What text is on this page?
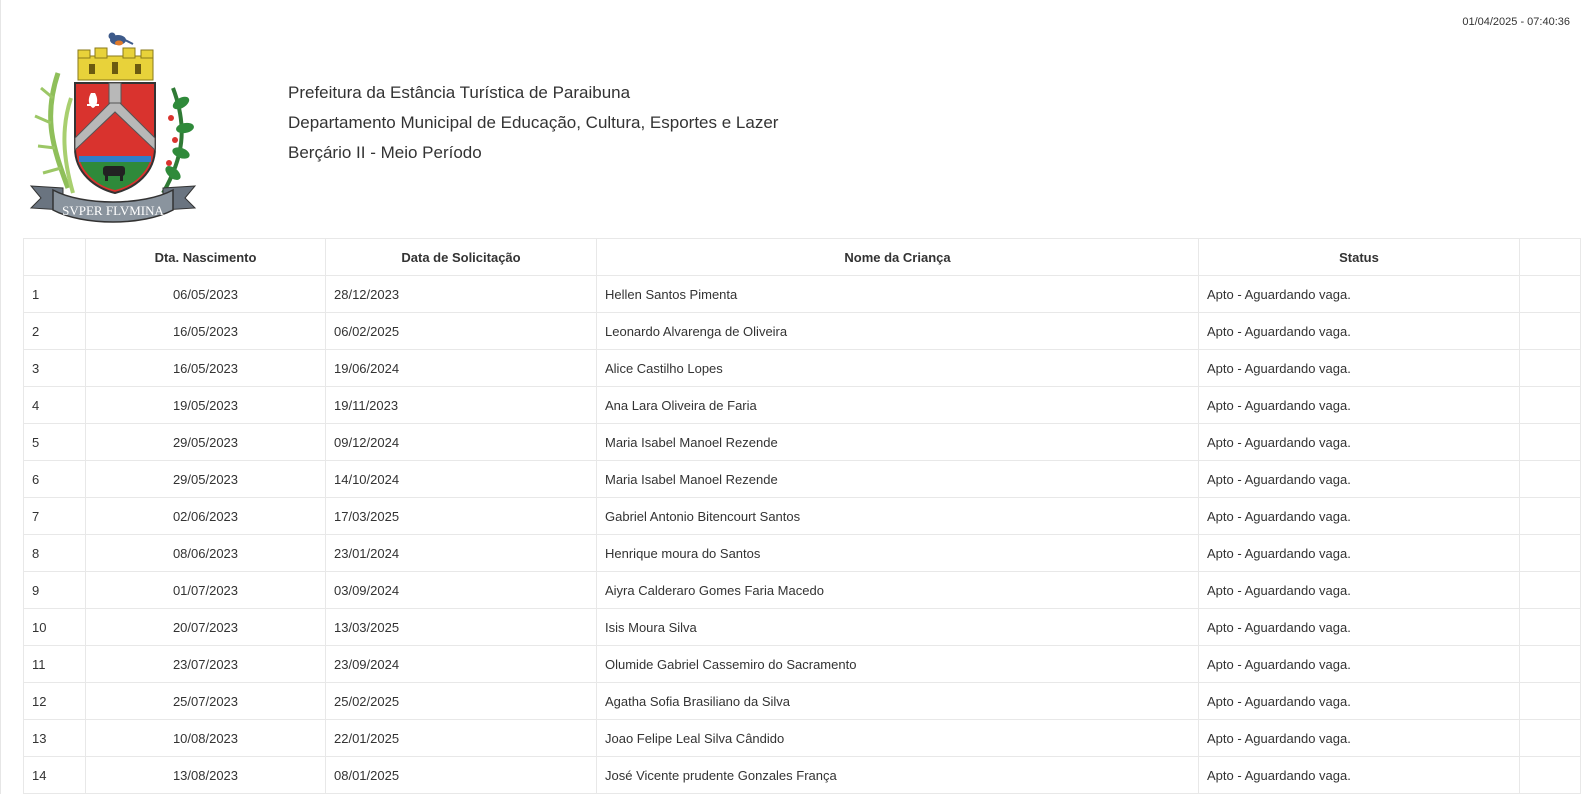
01/04/2025 - 07:40:36
SVPER FLVMINA
Prefeitura da Estância Turística de Paraibuna
Departamento Municipal de Educação, Cultura, Esportes e Lazer
Berçário II - Meio Período
	Dta. Nascimento	Data de Solicitação	Nome da Criança	Status	
1	06/05/2023	28/12/2023	Hellen Santos Pimenta	Apto - Aguardando vaga.	
2	16/05/2023	06/02/2025	Leonardo Alvarenga de Oliveira	Apto - Aguardando vaga.	
3	16/05/2023	19/06/2024	Alice Castilho Lopes	Apto - Aguardando vaga.	
4	19/05/2023	19/11/2023	Ana Lara Oliveira de Faria	Apto - Aguardando vaga.	
5	29/05/2023	09/12/2024	Maria Isabel Manoel Rezende	Apto - Aguardando vaga.	
6	29/05/2023	14/10/2024	Maria Isabel Manoel Rezende	Apto - Aguardando vaga.	
7	02/06/2023	17/03/2025	Gabriel Antonio Bitencourt Santos	Apto - Aguardando vaga.	
8	08/06/2023	23/01/2024	Henrique moura do Santos	Apto - Aguardando vaga.	
9	01/07/2023	03/09/2024	Aiyra Calderaro Gomes Faria Macedo	Apto - Aguardando vaga.	
10	20/07/2023	13/03/2025	Isis Moura Silva	Apto - Aguardando vaga.	
11	23/07/2023	23/09/2024	Olumide Gabriel Cassemiro do Sacramento	Apto - Aguardando vaga.	
12	25/07/2023	25/02/2025	Agatha Sofia Brasiliano da Silva	Apto - Aguardando vaga.	
13	10/08/2023	22/01/2025	Joao Felipe Leal Silva Cândido	Apto - Aguardando vaga.	
14	13/08/2023	08/01/2025	José Vicente prudente Gonzales França	Apto - Aguardando vaga.	
